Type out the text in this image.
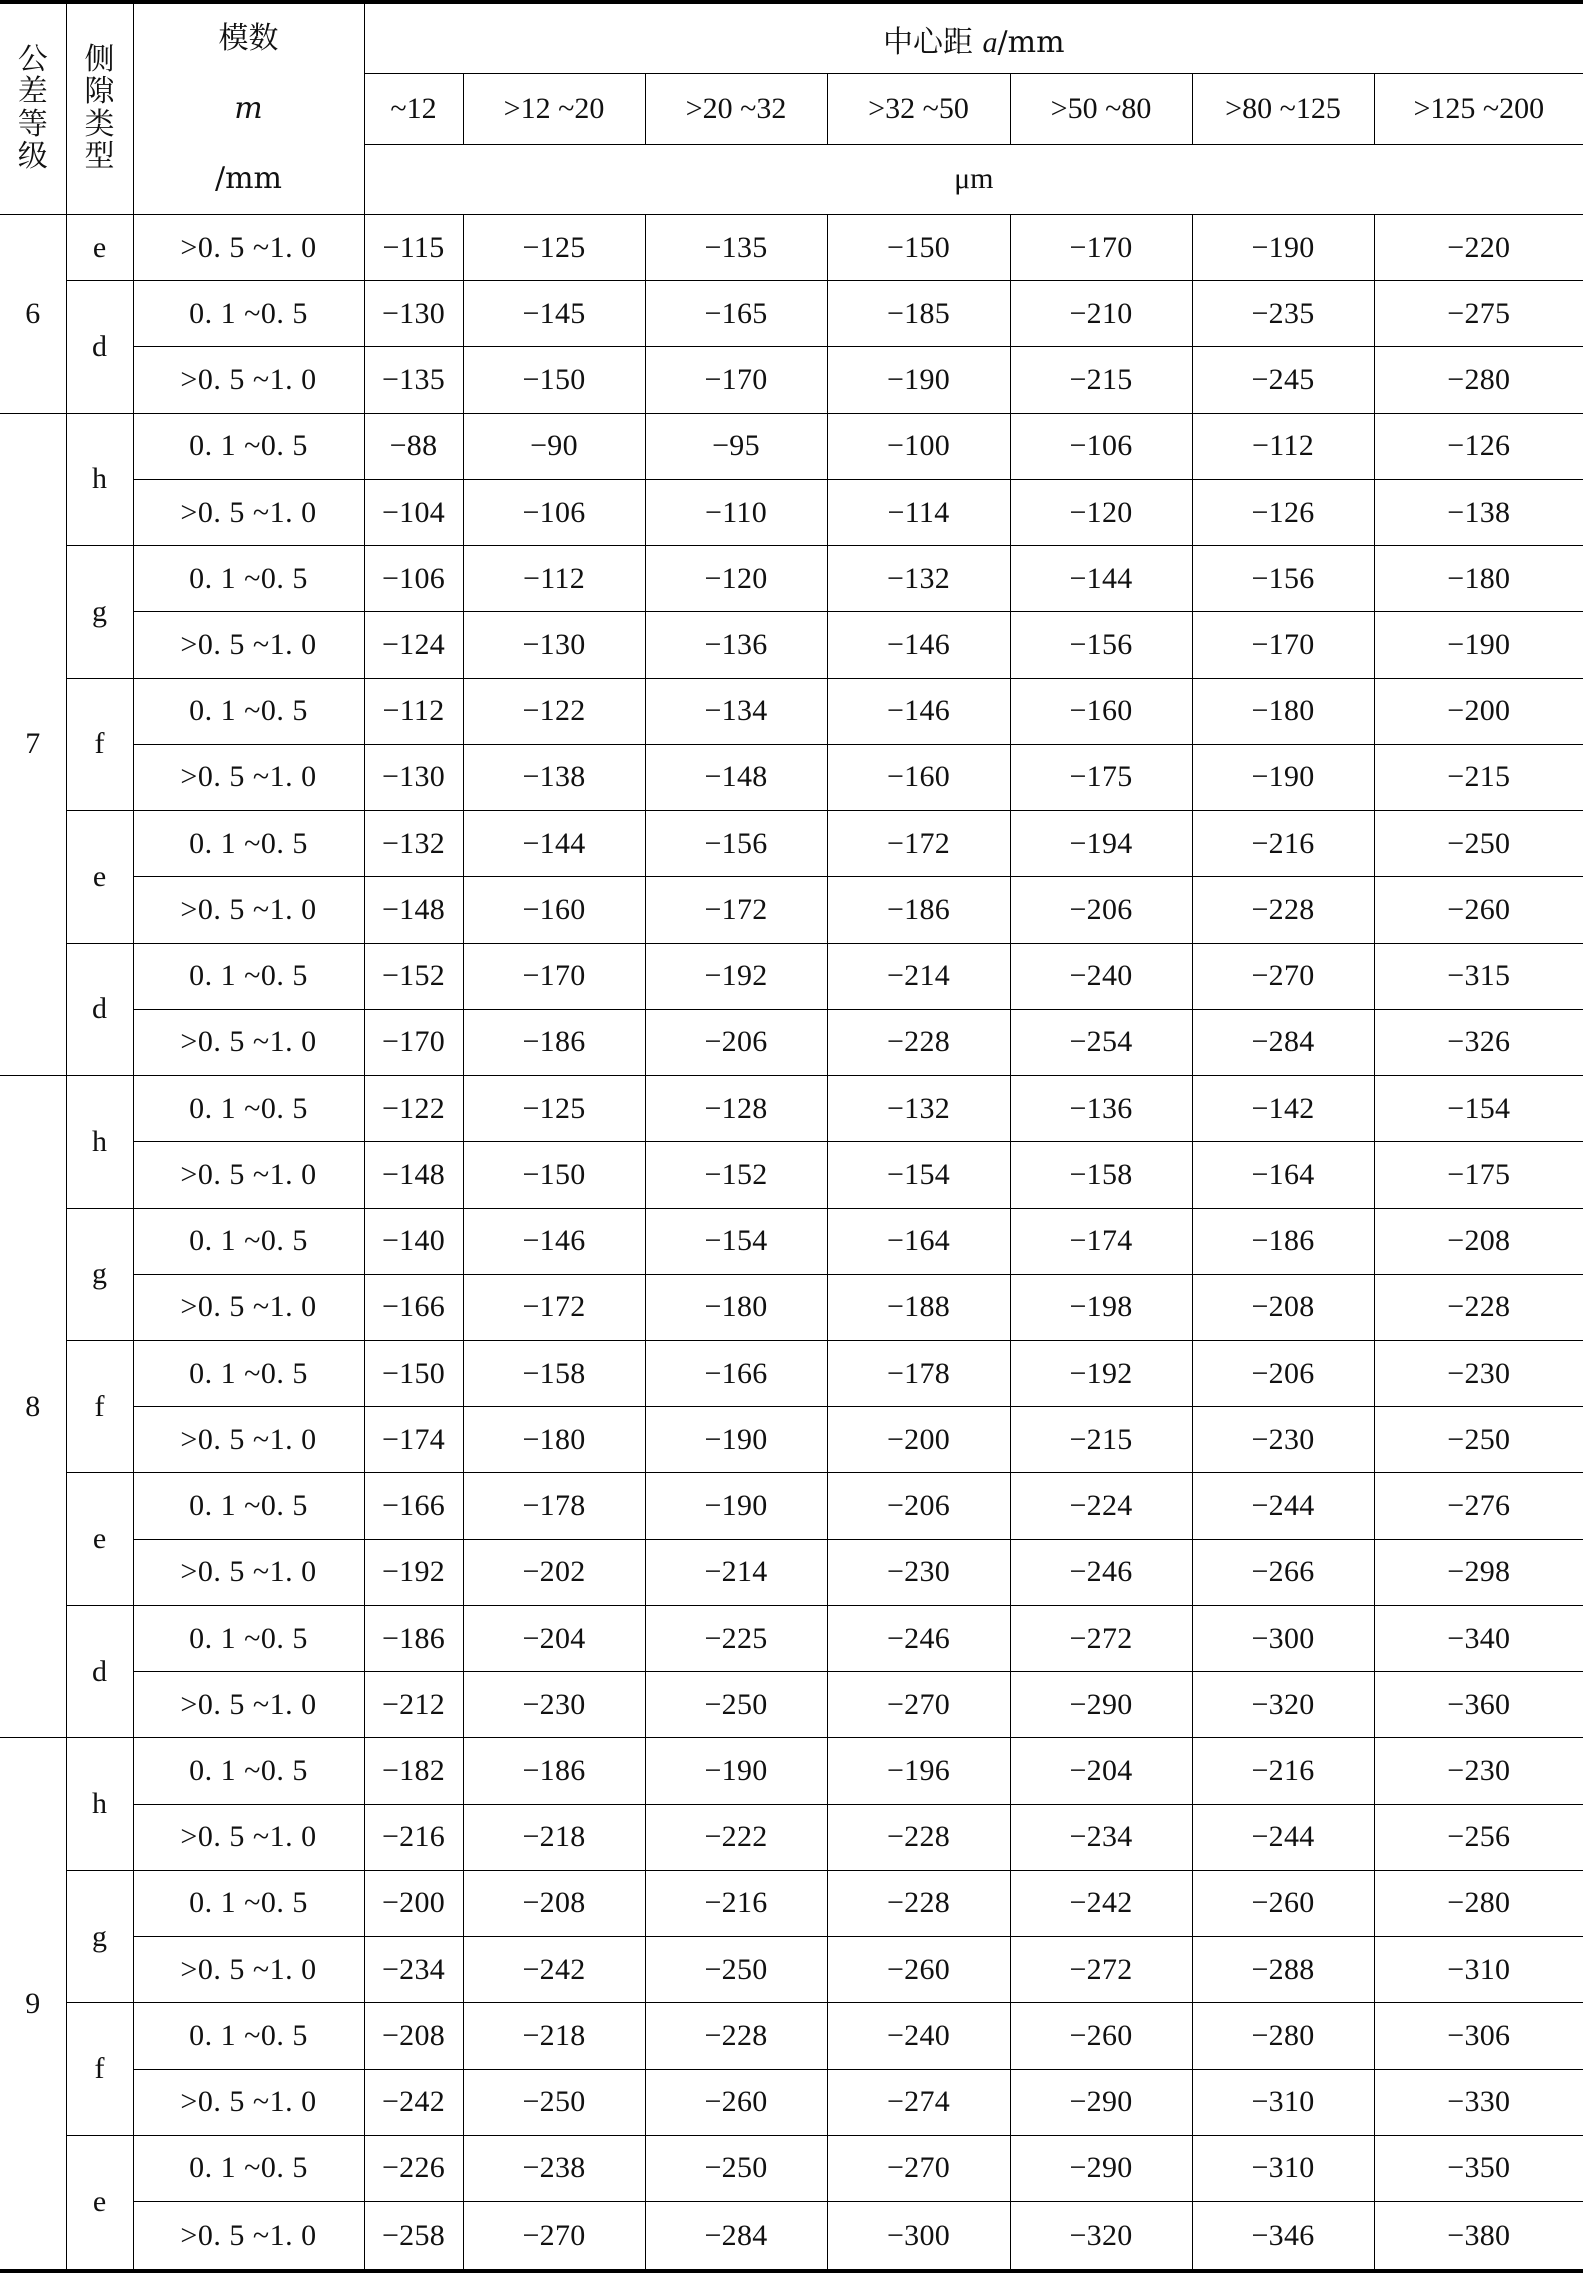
公差等级	侧隙类型	模数
m
/mm	中心距 a/mm						
			~12	>12 ~20	>20 ~32	>32 ~50	>50 ~80	>80 ~125	>125 ~200
			μm						
6	e	>0. 5 ~1. 0	−115	−125	−135	−150	−170	−190	−220
	d	0. 1 ~0. 5	−130	−145	−165	−185	−210	−235	−275
		>0. 5 ~1. 0	−135	−150	−170	−190	−215	−245	−280
7	h	0. 1 ~0. 5	−88	−90	−95	−100	−106	−112	−126
		>0. 5 ~1. 0	−104	−106	−110	−114	−120	−126	−138
	g	0. 1 ~0. 5	−106	−112	−120	−132	−144	−156	−180
		>0. 5 ~1. 0	−124	−130	−136	−146	−156	−170	−190
	f	0. 1 ~0. 5	−112	−122	−134	−146	−160	−180	−200
		>0. 5 ~1. 0	−130	−138	−148	−160	−175	−190	−215
	e	0. 1 ~0. 5	−132	−144	−156	−172	−194	−216	−250
		>0. 5 ~1. 0	−148	−160	−172	−186	−206	−228	−260
	d	0. 1 ~0. 5	−152	−170	−192	−214	−240	−270	−315
		>0. 5 ~1. 0	−170	−186	−206	−228	−254	−284	−326
8	h	0. 1 ~0. 5	−122	−125	−128	−132	−136	−142	−154
		>0. 5 ~1. 0	−148	−150	−152	−154	−158	−164	−175
	g	0. 1 ~0. 5	−140	−146	−154	−164	−174	−186	−208
		>0. 5 ~1. 0	−166	−172	−180	−188	−198	−208	−228
	f	0. 1 ~0. 5	−150	−158	−166	−178	−192	−206	−230
		>0. 5 ~1. 0	−174	−180	−190	−200	−215	−230	−250
	e	0. 1 ~0. 5	−166	−178	−190	−206	−224	−244	−276
		>0. 5 ~1. 0	−192	−202	−214	−230	−246	−266	−298
	d	0. 1 ~0. 5	−186	−204	−225	−246	−272	−300	−340
		>0. 5 ~1. 0	−212	−230	−250	−270	−290	−320	−360
9	h	0. 1 ~0. 5	−182	−186	−190	−196	−204	−216	−230
		>0. 5 ~1. 0	−216	−218	−222	−228	−234	−244	−256
	g	0. 1 ~0. 5	−200	−208	−216	−228	−242	−260	−280
		>0. 5 ~1. 0	−234	−242	−250	−260	−272	−288	−310
	f	0. 1 ~0. 5	−208	−218	−228	−240	−260	−280	−306
		>0. 5 ~1. 0	−242	−250	−260	−274	−290	−310	−330
	e	0. 1 ~0. 5	−226	−238	−250	−270	−290	−310	−350
		>0. 5 ~1. 0	−258	−270	−284	−300	−320	−346	−380
